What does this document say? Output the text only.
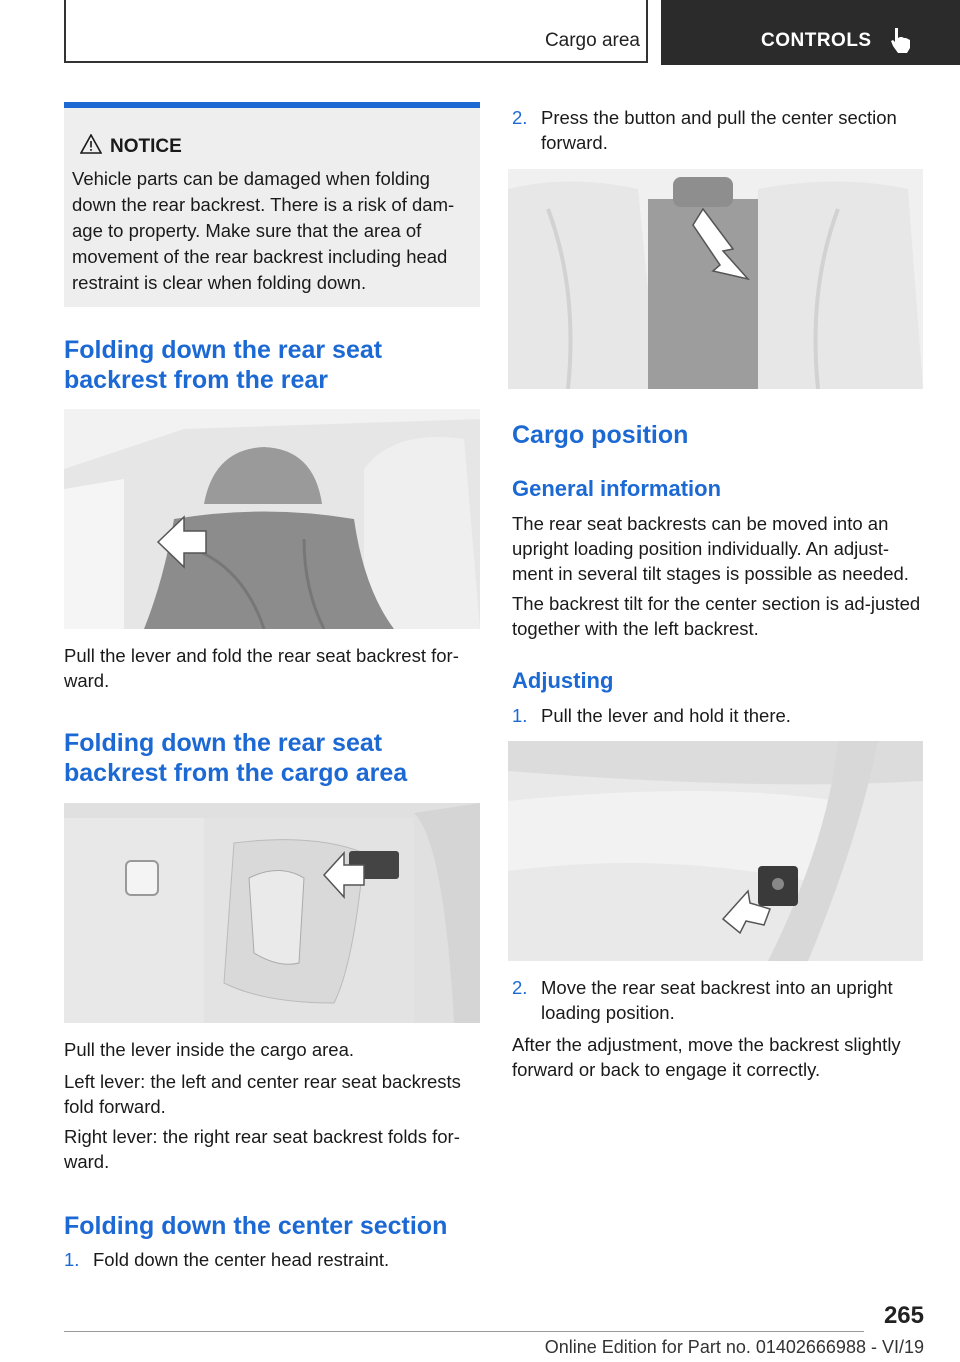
Cargo area	CONTROLS
NOTICE
Vehicle parts can be damaged when folding down the rear backrest. There is a risk of dam-age to property. Make sure that the area of movement of the rear backrest including head restraint is clear when folding down.
Folding down the rear seat backrest from the rear

Pull the lever and fold the rear seat backrest for-ward.

Folding down the rear seat backrest from the cargo area

Pull the lever inside the cargo area.

Left lever: the left and center rear seat backrests fold forward.

Right lever: the right rear seat backrest folds for-ward.

Folding down the center section
1. Fold down the center head restraint.
2. Press the button and pull the center section forward.
Cargo position
General information

The rear seat backrests can be moved into an upright loading position individually. An adjust-ment in several tilt stages is possible as needed.

The backrest tilt for the center section is ad-justed together with the left backrest.

Adjusting
1. Pull the lever and hold it there.
2. Move the rear seat backrest into an upright loading position.

After the adjustment, move the backrest slightly forward or back to engage it correctly.

265
Online Edition for Part no. 01402666988 - VI/19
